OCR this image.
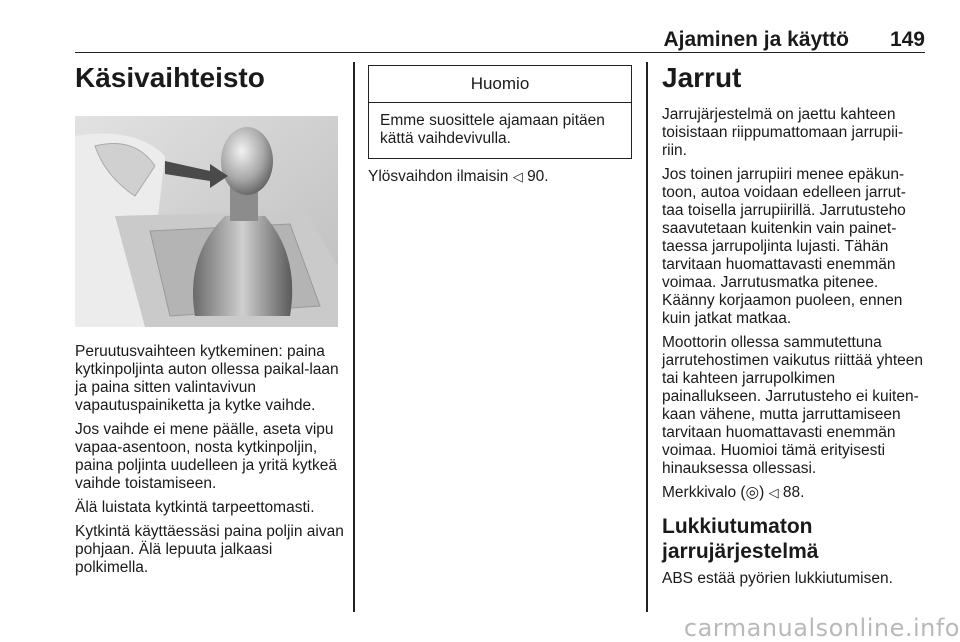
Ajaminen ja käyttö 149
Käsivaihteisto

Peruutusvaihteen kytkeminen: paina kytkinpoljinta auton ollessa paikal-laan ja paina sitten valintavivun vapautuspainiketta ja kytke vaihde.

Jos vaihde ei mene päälle, aseta vipu vapaa-asentoon, nosta kytkinpoljin, paina poljinta uudelleen ja yritä kytkeä vaihde toistamiseen.

Älä luistata kytkintä tarpeettomasti.

Kytkintä käyttäessäsi paina poljin aivan pohjaan. Älä lepuuta jalkaasi polkimella.

Huomio
Emme suosittele ajamaan pitäen kättä vaihdevivulla.
Ylösvaihdon ilmaisin ◁ 90.
Jarrut

Jarrujärjestelmä on jaettu kahteen toisistaan riippumattomaan jarrupii-riin.

Jos toinen jarrupiiri menee epäkun-toon, autoa voidaan edelleen jarrut-taa toisella jarrupiirillä. Jarrutusteho saavutetaan kuitenkin vain painet-taessa jarrupoljinta lujasti. Tähän tarvitaan huomattavasti enemmän voimaa. Jarrutusmatka pitenee. Käänny korjaamon puoleen, ennen kuin jatkat matkaa.

Moottorin ollessa sammutettuna jarrutehostimen vaikutus riittää yhteen tai kahteen jarrupolkimen painallukseen. Jarrutusteho ei kuiten-kaan vähene, mutta jarruttamiseen tarvitaan huomattavasti enemmän voimaa. Huomioi tämä erityisesti hinauksessa ollessasi.

Merkkivalo (◎) ◁ 88.

Lukkiutumaton jarrujärjestelmä

ABS estää pyörien lukkiutumisen.

carmanualsonline.info
